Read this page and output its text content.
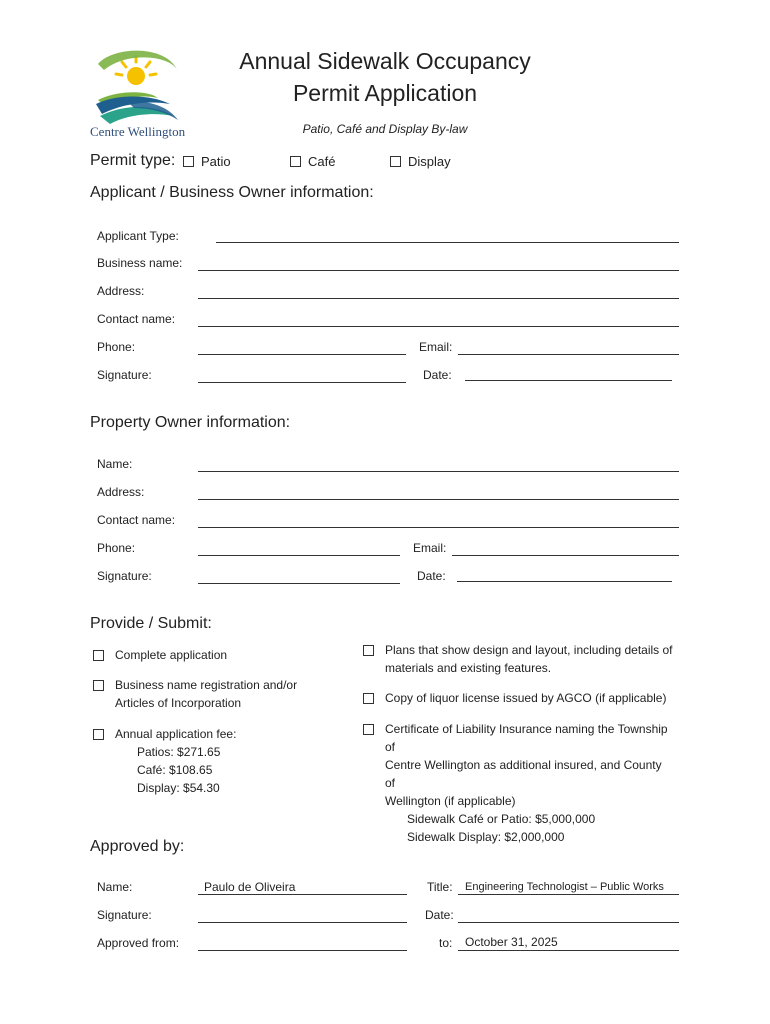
Centre Wellington
Annual Sidewalk Occupancy
Permit Application
Patio, Café and Display By-law
Permit type:	Patio	Café	Display
Applicant / Business Owner information:
Applicant Type:
Business name:
Address:
Contact name:
Phone:	Email:
Signature:	Date:
Property Owner information:
Name:
Address:
Contact name:
Phone:	Email:
Signature:	Date:
Provide / Submit:
Complete application
Business name registration and/or
Articles of Incorporation
Annual application fee:
Patios: $271.65
Café: $108.65
Display: $54.30
Plans that show design and layout, including details of
materials and existing features.
Copy of liquor license issued by AGCO (if applicable)
Certificate of Liability Insurance naming the Township of
Centre Wellington as additional insured, and County of
Wellington (if applicable)
Sidewalk Café or Patio: $5,000,000
Sidewalk Display: $2,000,000
Approved by:
Name:	Paulo de Oliveira	Title: Engineering Technologist – Public Works
Signature:	Date:
Approved from:	to: October 31, 2025
